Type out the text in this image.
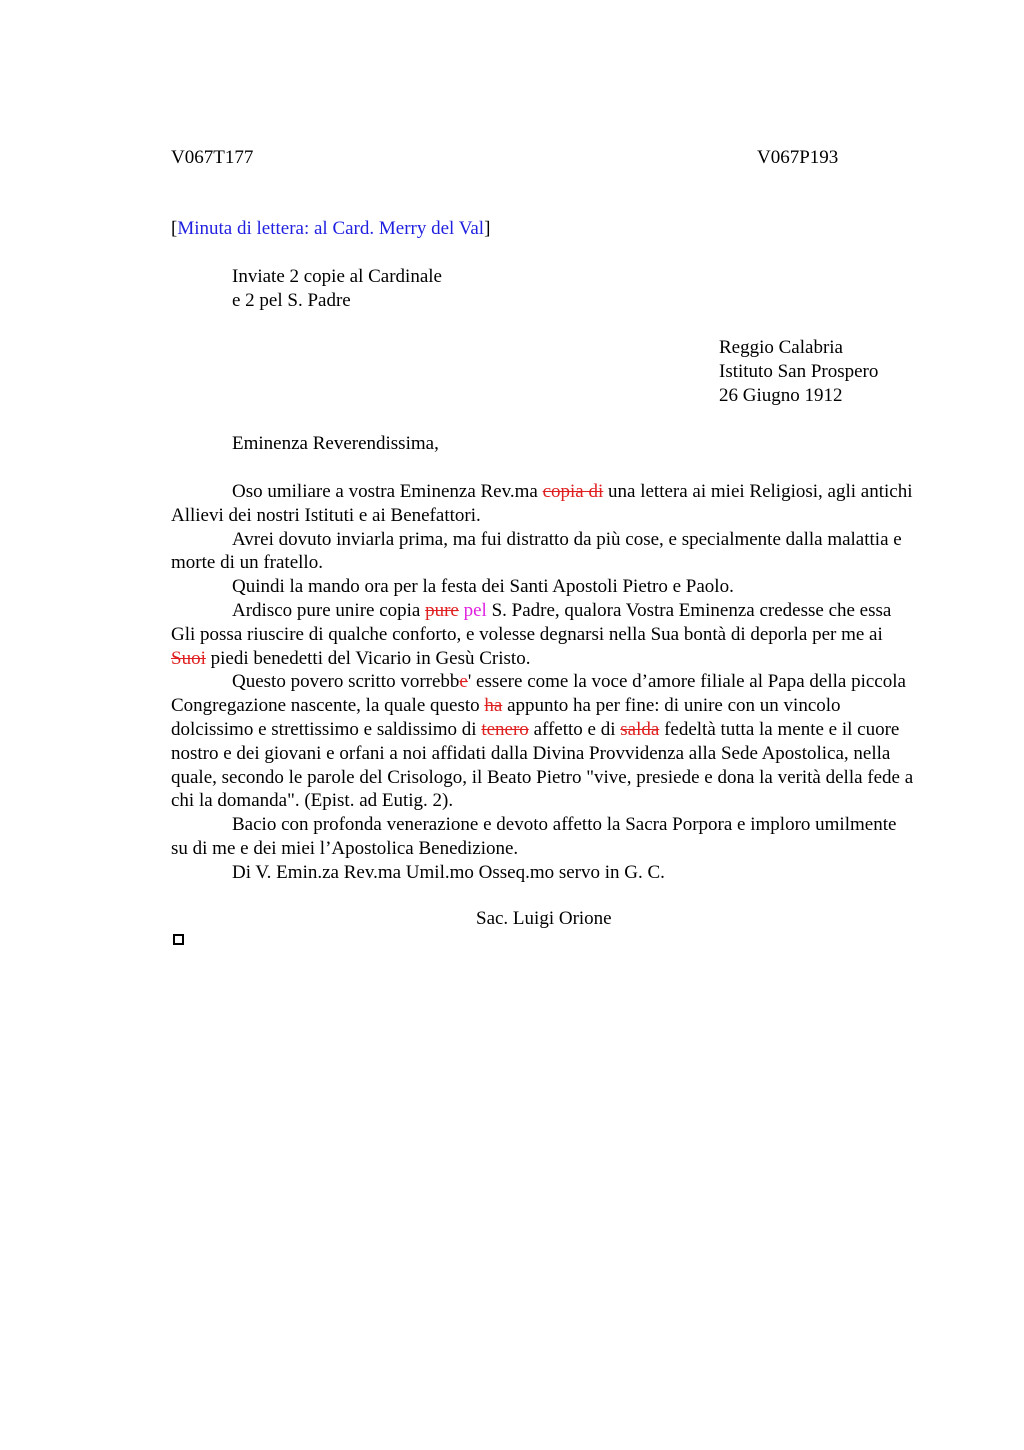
V067T177	V067P193
[Minuta di lettera: al Card. Merry del Val]
Inviate 2 copie al Cardinale
e 2 pel S. Padre
Reggio Calabria
Istituto San Prospero
26 Giugno 1912
Eminenza Reverendissima,
Oso umiliare a vostra Eminenza Rev.ma copia di una lettera ai miei Religiosi, agli antichi Allievi dei nostri Istituti e ai Benefattori.
Avrei dovuto inviarla prima, ma fui distratto da più cose, e specialmente dalla malattia e morte di un fratello.
Quindi la mando ora per la festa dei Santi Apostoli Pietro e Paolo.
Ardisco pure unire copia pure pel S. Padre, qualora Vostra Eminenza credesse che essa Gli possa riuscire di qualche conforto, e volesse degnarsi nella Sua bontà di deporla per me ai Suoi piedi benedetti del Vicario in Gesù Cristo.
Questo povero scritto vorrebbe' essere come la voce d’amore filiale al Papa della piccola Congregazione nascente, la quale questo ha appunto ha per fine: di unire con un vincolo dolcissimo e strettissimo e saldissimo di tenero affetto e di salda fedeltà tutta la mente e il cuore nostro e dei giovani e orfani a noi affidati dalla Divina Provvidenza alla Sede Apostolica, nella quale, secondo le parole del Crisologo, il Beato Pietro "vive, presiede e dona la verità della fede a chi la domanda". (Epist. ad Eutig. 2).
Bacio con profonda venerazione e devoto affetto la Sacra Porpora e imploro umilmente su di me e dei miei l’Apostolica Benedizione.
Di V. Emin.za Rev.ma Umil.mo Osseq.mo servo in G. C.
Sac. Luigi Orione
